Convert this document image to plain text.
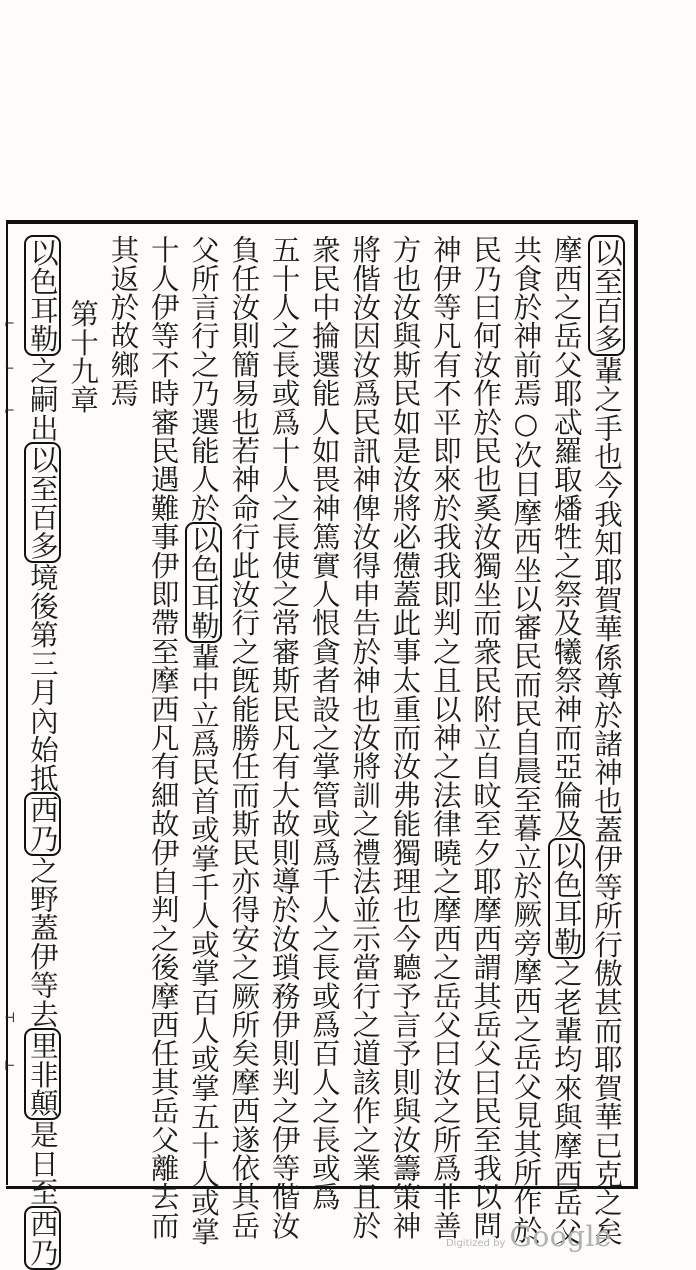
⌐
∟
⌐
⊣
⊢
以至百多輩之手也今我知耶賀華係尊於諸神也蓋伊等所行傲甚而耶賀華已克之矣
摩西之岳父耶忒羅取燔牲之祭及犧祭神而亞倫及以色耳勒之老輩均來與摩西岳父
共食於神前焉○次日摩西坐以審民而民自晨至暮立於厥旁摩西之岳父見其所作於
民乃曰何汝作於民也奚汝獨坐而衆民附立自旼至夕耶摩西謂其岳父曰民至我以問
神伊等凡有不平即來於我我即判之且以神之法律曉之摩西之岳父曰汝之所爲非善
方也汝與斯民如是汝將必憊蓋此事太重而汝弗能獨理也今聽予言予則與汝籌策神
將偕汝因汝爲民訊神俾汝得申告於神也汝將訓之禮法並示當行之道該作之業且於
衆民中掄選能人如畏神篤實人恨貪者設之掌管或爲千人之長或爲百人之長或爲
五十人之長或爲十人之長使之常審斯民凡有大故則導於汝瑣務伊則判之伊等偕汝
負任汝則簡易也若神命行此汝行之旣能勝任而斯民亦得安之厥所矣摩西遂依其岳
父所言行之乃選能人於以色耳勒輩中立爲民首或掌千人或掌百人或掌五十人或掌
十人伊等不時審民遇難事伊即帶至摩西凡有細故伊自判之後摩西任其岳父離去而
其返於故鄉焉
第十九章
以色耳勒之嗣出以至百多境後第三月內始抵西乃之野蓋伊等去里非顛是日至西乃	Digitized by Google
